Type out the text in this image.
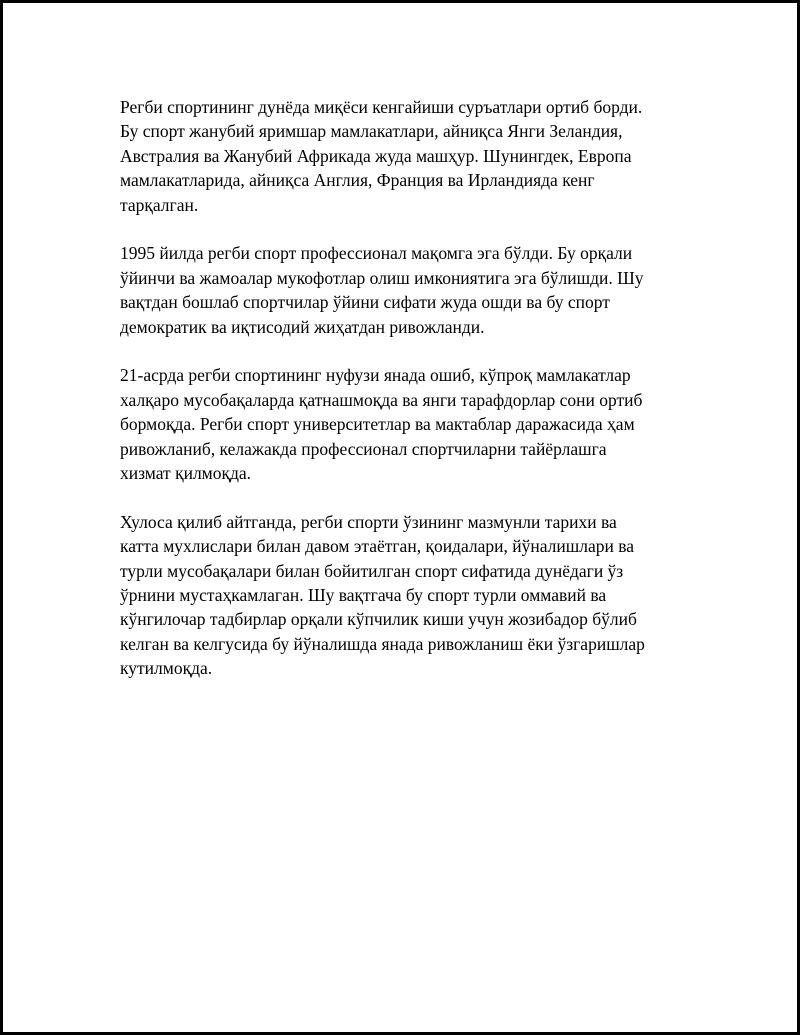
Регби спортининг дунёда миқёси кенгайиши суръатлари ортиб борди.
Бу спорт жанубий яримшар мамлакатлари, айниқса Янги Зеландия,
Австралия ва Жанубий Африкада жуда машҳур. Шунингдек, Европа
мамлакатларида, айниқса Англия, Франция ва Ирландияда кенг
тарқалган.

1995 йилда регби спорт профессионал мақомга эга бўлди. Бу орқали
ўйинчи ва жамоалар мукофотлар олиш имкониятига эга бўлишди. Шу
вақтдан бошлаб спортчилар ўйини сифати жуда ошди ва бу спорт
демократик ва иқтисодий жиҳатдан ривожланди.

21-асрда регби спортининг нуфузи янада ошиб, кўпроқ мамлакатлар
халқаро мусобақаларда қатнашмоқда ва янги тарафдорлар сони ортиб
бормоқда. Регби спорт университетлар ва мактаблар даражасида ҳам
ривожланиб, келажакда профессионал спортчиларни тайёрлашга
хизмат қилмоқда.

Хулоса қилиб айтганда, регби спорти ўзининг мазмунли тарихи ва
катта мухлислари билан давом этаётган, қоидалари, йўналишлари ва
турли мусобақалари билан бойитилган спорт сифатида дунёдаги ўз
ўрнини мустаҳкамлаган. Шу вақтгача бу спорт турли оммавий ва
кўнгилочар тадбирлар орқали кўпчилик киши учун жозибадор бўлиб
келган ва келгусида бу йўналишда янада ривожланиш ёки ўзгаришлар
кутилмоқда.
